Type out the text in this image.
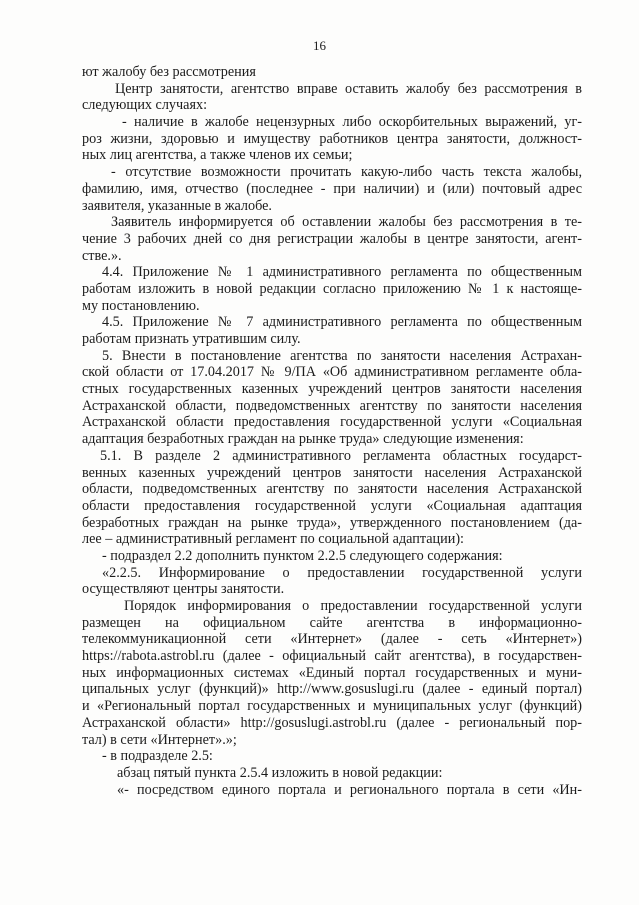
16
ют жалобу без рассмотрения
Центр занятости, агентство вправе оставить жалобу без рассмотрения в
следующих случаях:
- наличие в жалобе нецензурных либо оскорбительных выражений, уг-
роз жизни, здоровью и имуществу работников центра занятости, должност-
ных лиц агентства, а также членов их семьи;
- отсутствие возможности прочитать какую-либо часть текста жалобы,
фамилию, имя, отчество (последнее - при наличии) и (или) почтовый адрес
заявителя, указанные в жалобе.
Заявитель информируется об оставлении жалобы без рассмотрения в те-
чение 3 рабочих дней со дня регистрации жалобы в центре занятости, агент-
стве.».
4.4. Приложение № 1 административного регламента по общественным
работам изложить в новой редакции согласно приложению № 1 к настояще-
му постановлению.
4.5. Приложение № 7 административного регламента по общественным
работам признать утратившим силу.
5. Внести в постановление агентства по занятости населения Астрахан-
ской области от 17.04.2017 № 9/ПА «Об административном регламенте обла-
стных государственных казенных учреждений центров занятости населения
Астраханской области, подведомственных агентству по занятости населения
Астраханской области предоставления государственной услуги «Социальная
адаптация безработных граждан на рынке труда» следующие изменения:
5.1. В разделе 2 административного регламента областных государст-
венных казенных учреждений центров занятости населения Астраханской
области, подведомственных агентству по занятости населения Астраханской
области предоставления государственной услуги «Социальная адаптация
безработных граждан на рынке труда», утвержденного постановлением (да-
лее – административный регламент по социальной адаптации):
- подраздел 2.2 дополнить пунктом 2.2.5 следующего содержания:
«2.2.5. Информирование о предоставлении государственной услуги
осуществляют центры занятости.
Порядок информирования о предоставлении государственной услуги
размещен на официальном сайте агентства в информационно-
телекоммуникационной сети «Интернет» (далее - сеть «Интернет»)
https://rabota.astrobl.ru (далее - официальный сайт агентства), в государствен-
ных информационных системах «Единый портал государственных и муни-
ципальных услуг (функций)» http://www.gosuslugi.ru (далее - единый портал)
и «Региональный портал государственных и муниципальных услуг (функций)
Астраханской области» http://gosuslugi.astrobl.ru (далее - региональный пор-
тал) в сети «Интернет».»;
- в подразделе 2.5:
абзац пятый пункта 2.5.4 изложить в новой редакции:
«- посредством единого портала и регионального портала в сети «Ин-
